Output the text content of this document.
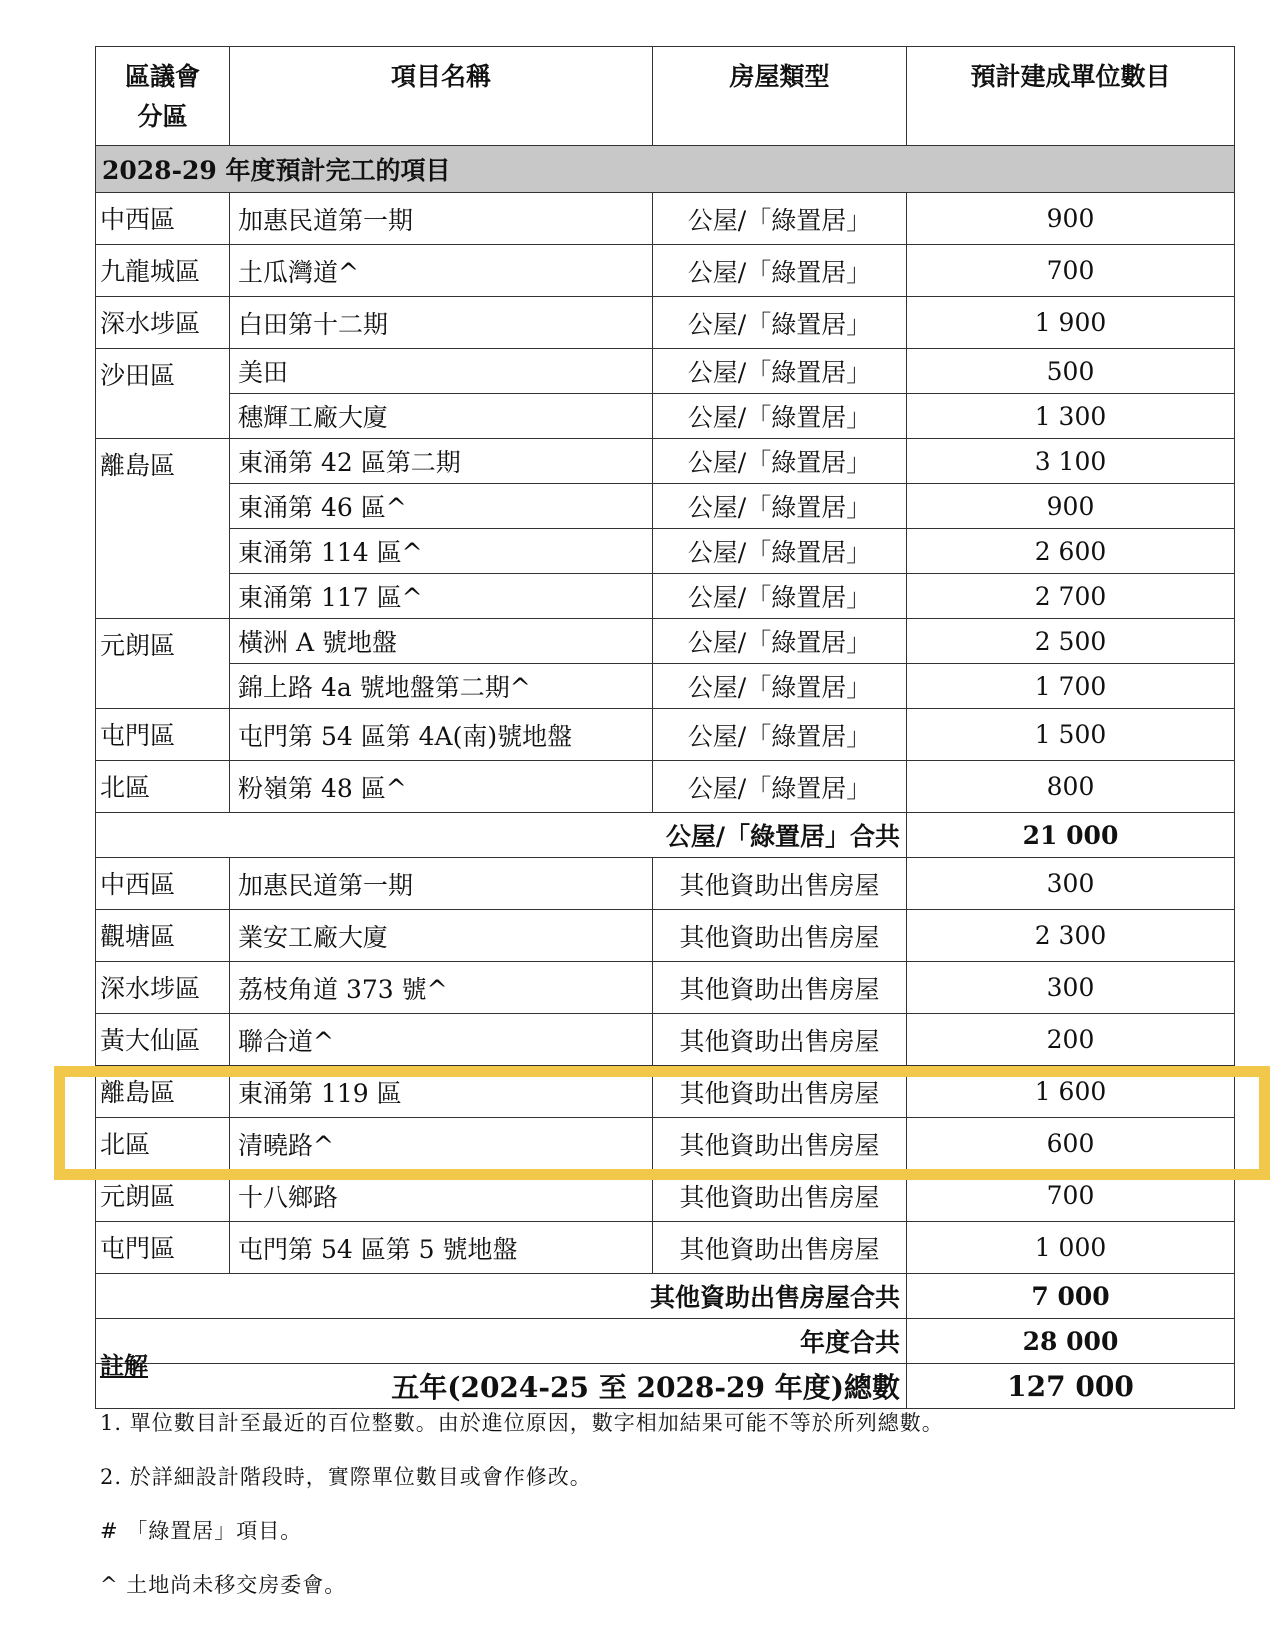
區議會
分區	項目名稱	房屋類型	預計建成單位數目
2028-29 年度預計完工的項目			
中西區	加惠民道第一期	公屋/「綠置居」	900
九龍城區	土瓜灣道^	公屋/「綠置居」	700
深水埗區	白田第十二期	公屋/「綠置居」	1 900
沙田區	美田	公屋/「綠置居」	500
	穗輝工廠大廈	公屋/「綠置居」	1 300
離島區	東涌第 42 區第二期	公屋/「綠置居」	3 100
	東涌第 46 區^	公屋/「綠置居」	900
	東涌第 114 區^	公屋/「綠置居」	2 600
	東涌第 117 區^	公屋/「綠置居」	2 700
元朗區	橫洲 A 號地盤	公屋/「綠置居」	2 500
	錦上路 4a 號地盤第二期^	公屋/「綠置居」	1 700
屯門區	屯門第 54 區第 4A(南)號地盤	公屋/「綠置居」	1 500
北區	粉嶺第 48 區^	公屋/「綠置居」	800
公屋/「綠置居」合共			21 000
中西區	加惠民道第一期	其他資助出售房屋	300
觀塘區	業安工廠大廈	其他資助出售房屋	2 300
深水埗區	荔枝角道 373 號^	其他資助出售房屋	300
黃大仙區	聯合道^	其他資助出售房屋	200
離島區	東涌第 119 區	其他資助出售房屋	1 600
北區	清曉路^	其他資助出售房屋	600
元朗區	十八鄉路	其他資助出售房屋	700
屯門區	屯門第 54 區第 5 號地盤	其他資助出售房屋	1 000
其他資助出售房屋合共			7 000
年度合共			28 000
五年(2024-25 至 2028-29 年度)總數			127 000
註解
1. 單位數目計至最近的百位整數。由於進位原因，數字相加結果可能不等於所列總數。
2. 於詳細設計階段時，實際單位數目或會作修改。
# 「綠置居」項目。
^ 土地尚未移交房委會。
